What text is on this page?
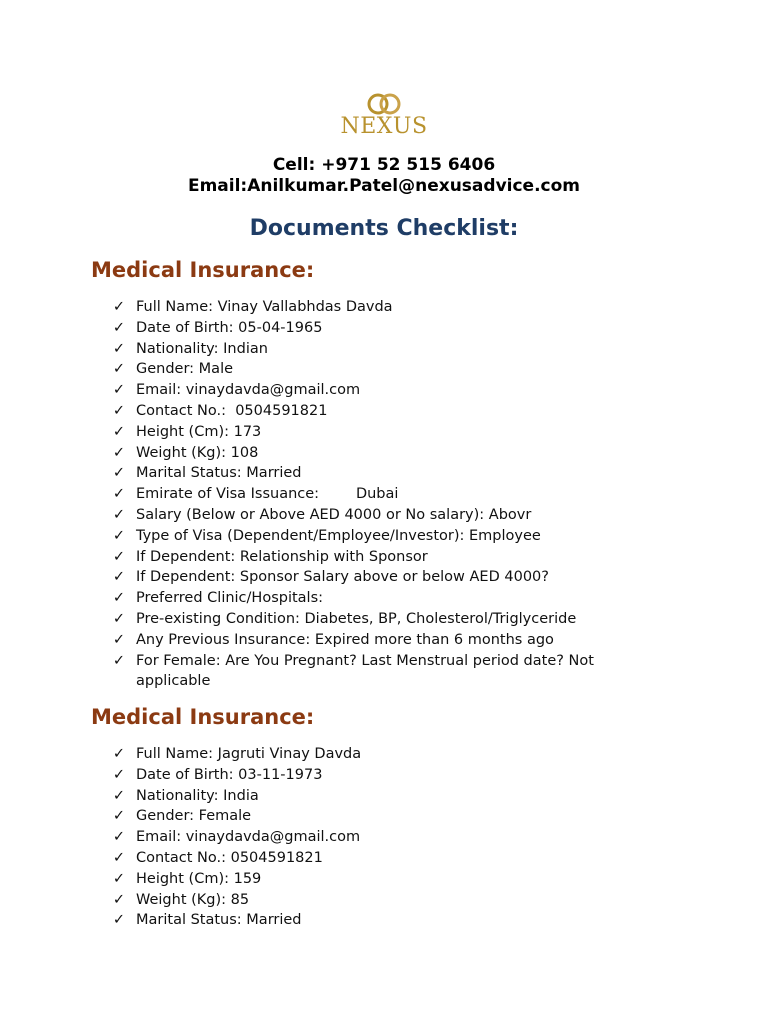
NEXUS
Cell: +971 52 515 6406
Email:Anilkumar.Patel@nexusadvice.com
Documents Checklist:
Medical Insurance:
✓ Full Name: Vinay Vallabhdas Davda
✓ Date of Birth: 05-04-1965
✓ Nationality: Indian
✓ Gender: Male
✓ Email: vinaydavda@gmail.com
✓ Contact No.:  0504591821
✓ Height (Cm): 173
✓ Weight (Kg): 108
✓ Marital Status: Married
✓ Emirate of Visa Issuance:        Dubai
✓ Salary (Below or Above AED 4000 or No salary): Abovr
✓ Type of Visa (Dependent/Employee/Investor): Employee
✓ If Dependent: Relationship with Sponsor
✓ If Dependent: Sponsor Salary above or below AED 4000?
✓ Preferred Clinic/Hospitals:
✓ Pre-existing Condition: Diabetes, BP, Cholesterol/Triglyceride
✓ Any Previous Insurance: Expired more than 6 months ago
✓ For Female: Are You Pregnant? Last Menstrual period date? Not applicable
Medical Insurance:
✓ Full Name: Jagruti Vinay Davda
✓ Date of Birth: 03-11-1973
✓ Nationality: India
✓ Gender: Female
✓ Email: vinaydavda@gmail.com
✓ Contact No.: 0504591821
✓ Height (Cm): 159
✓ Weight (Kg): 85
✓ Marital Status: Married
